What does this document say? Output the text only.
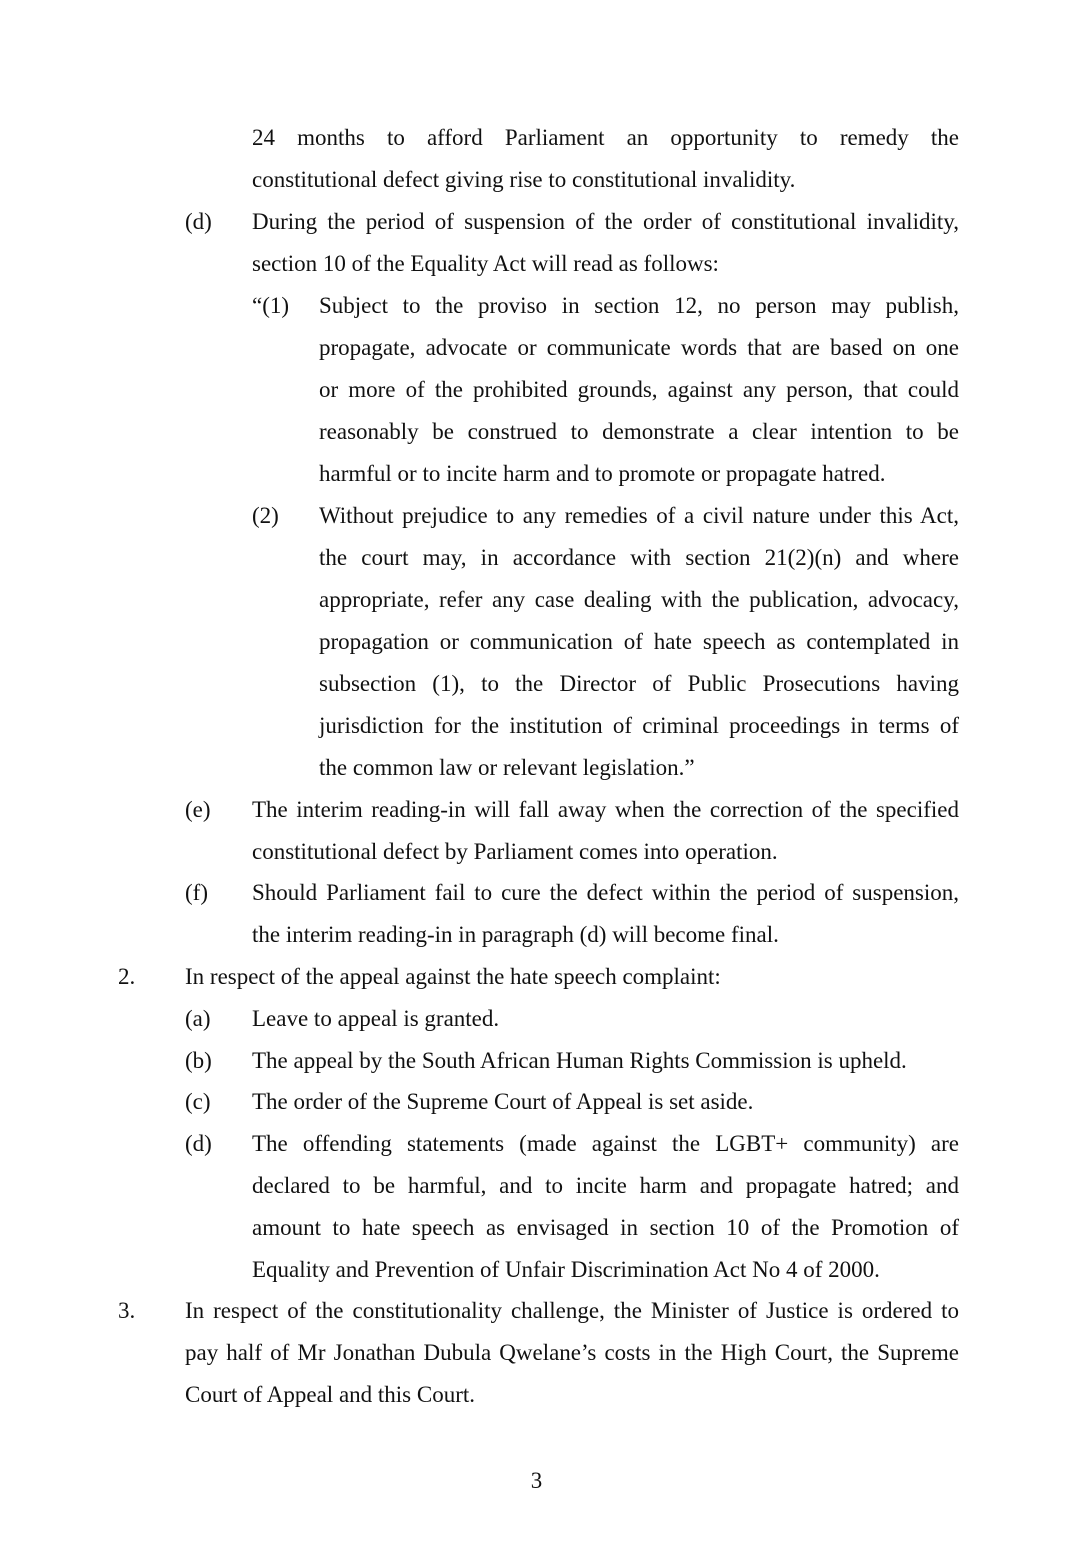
24 months to afford Parliament an opportunity to remedy the
constitutional defect giving rise to constitutional invalidity.
(d) During the period of suspension of the order of constitutional invalidity,
section 10 of the Equality Act will read as follows:
“(1) Subject to the proviso in section 12, no person may publish,
propagate, advocate or communicate words that are based on one
or more of the prohibited grounds, against any person, that could
reasonably be construed to demonstrate a clear intention to be
harmful or to incite harm and to promote or propagate hatred.
(2) Without prejudice to any remedies of a civil nature under this Act,
the court may, in accordance with section 21(2)(n) and where
appropriate, refer any case dealing with the publication, advocacy,
propagation or communication of hate speech as contemplated in
subsection (1), to the Director of Public Prosecutions having
jurisdiction for the institution of criminal proceedings in terms of
the common law or relevant legislation.”
(e) The interim reading-in will fall away when the correction of the specified
constitutional defect by Parliament comes into operation.
(f) Should Parliament fail to cure the defect within the period of suspension,
the interim reading-in in paragraph (d) will become final.
2. In respect of the appeal against the hate speech complaint:
(a) Leave to appeal is granted.
(b) The appeal by the South African Human Rights Commission is upheld.
(c) The order of the Supreme Court of Appeal is set aside.
(d) The offending statements (made against the LGBT+ community) are
declared to be harmful, and to incite harm and propagate hatred; and
amount to hate speech as envisaged in section 10 of the Promotion of
Equality and Prevention of Unfair Discrimination Act No 4 of 2000.
3. In respect of the constitutionality challenge, the Minister of Justice is ordered to
pay half of Mr Jonathan Dubula Qwelane’s costs in the High Court, the Supreme
Court of Appeal and this Court.
3
